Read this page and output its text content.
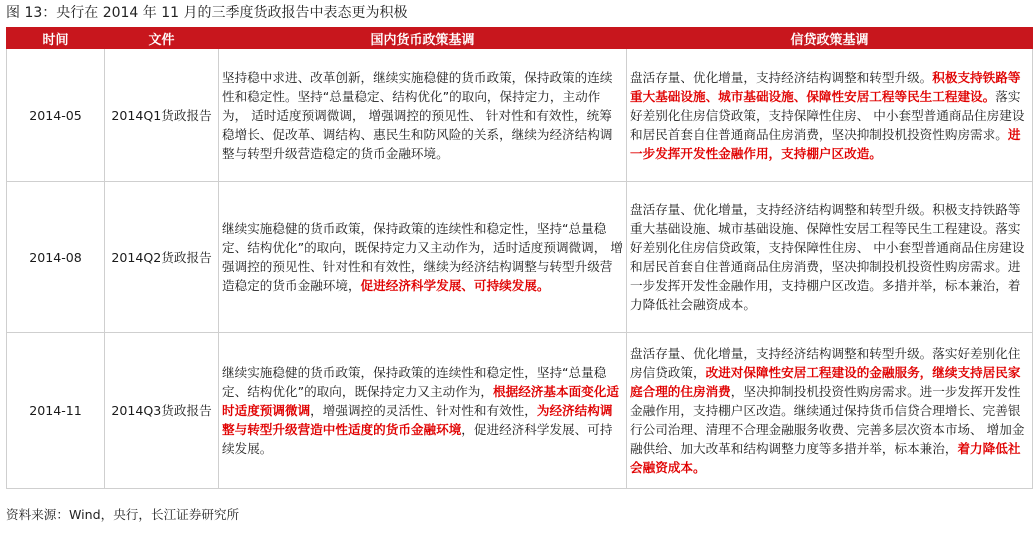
图 13：央行在 2014 年 11 月的三季度货政报告中表态更为积极
时间	文件	国内货币政策基调	信贷政策基调
2014-05	2014Q1货政报告	坚持稳中求进、改革创新，继续实施稳健的货币政策，保持政策的连续性和稳定性。坚持“总量稳定、结构优化”的取向，保持定力，主动作为， 适时适度预调微调， 增强调控的预见性、 针对性和有效性，统筹稳增长、促改革、调结构、惠民生和防风险的关系，继续为经济结构调整与转型升级营造稳定的货币金融环境。	盘活存量、优化增量，支持经济结构调整和转型升级。积极支持铁路等重大基础设施、城市基础设施、保障性安居工程等民生工程建设。落实好差别化住房信贷政策，支持保障性住房、 中小套型普通商品住房建设和居民首套自住普通商品住房消费，坚决抑制投机投资性购房需求。进一步发挥开发性金融作用，支持棚户区改造。
2014-08	2014Q2货政报告	继续实施稳健的货币政策，保持政策的连续性和稳定性，坚持“总量稳定、结构优化”的取向，既保持定力又主动作为，适时适度预调微调， 增强调控的预见性、针对性和有效性，继续为经济结构调整与转型升级营造稳定的货币金融环境，促进经济科学发展、可持续发展。	盘活存量、优化增量，支持经济结构调整和转型升级。积极支持铁路等重大基础设施、城市基础设施、保障性安居工程等民生工程建设。落实好差别化住房信贷政策，支持保障性住房、 中小套型普通商品住房建设和居民首套自住普通商品住房消费，坚决抑制投机投资性购房需求。进一步发挥开发性金融作用，支持棚户区改造。多措并举，标本兼治，着力降低社会融资成本。
2014-11	2014Q3货政报告	继续实施稳健的货币政策，保持政策的连续性和稳定性，坚持“总量稳定、结构优化”的取向，既保持定力又主动作为，根据经济基本面变化适时适度预调微调，增强调控的灵活性、针对性和有效性，为经济结构调整与转型升级营造中性适度的货币金融环境，促进经济科学发展、可持续发展。	盘活存量、优化增量，支持经济结构调整和转型升级。落实好差别化住房信贷政策，改进对保障性安居工程建设的金融服务，继续支持居民家庭合理的住房消费，坚决抑制投机投资性购房需求。进一步发挥开发性金融作用，支持棚户区改造。继续通过保持货币信贷合理增长、完善银行公司治理、清理不合理金融服务收费、完善多层次资本市场、 增加金融供给、加大改革和结构调整力度等多措并举，标本兼治，着力降低社会融资成本。
资料来源：Wind，央行，长江证券研究所
